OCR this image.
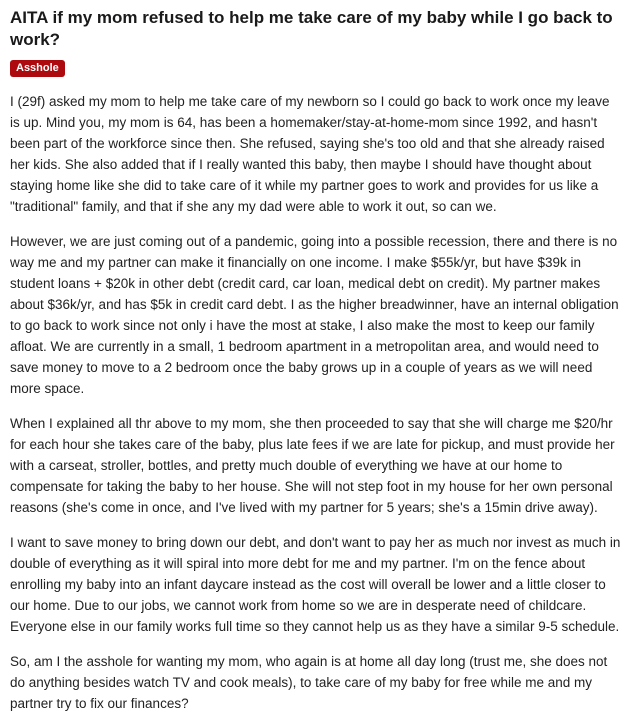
AITA if my mom refused to help me take care of my baby while I go back to work?
Asshole

I (29f) asked my mom to help me take care of my newborn so I could go back to work once my leave is up. Mind you, my mom is 64, has been a homemaker/stay-at-home-mom since 1992, and hasn't been part of the workforce since then. She refused, saying she's too old and that she already raised her kids. She also added that if I really wanted this baby, then maybe I should have thought about staying home like she did to take care of it while my partner goes to work and provides for us like a "traditional" family, and that if she any my dad were able to work it out, so can we.

However, we are just coming out of a pandemic, going into a possible recession, there and there is no way me and my partner can make it financially on one income. I make $55k/yr, but have $39k in student loans + $20k in other debt (credit card, car loan, medical debt on credit). My partner makes about $36k/yr, and has $5k in credit card debt. I as the higher breadwinner, have an internal obligation to go back to work since not only i have the most at stake, I also make the most to keep our family afloat. We are currently in a small, 1 bedroom apartment in a metropolitan area, and would need to save money to move to a 2 bedroom once the baby grows up in a couple of years as we will need more space.

When I explained all thr above to my mom, she then proceeded to say that she will charge me $20/hr for each hour she takes care of the baby, plus late fees if we are late for pickup, and must provide her with a carseat, stroller, bottles, and pretty much double of everything we have at our home to compensate for taking the baby to her house. She will not step foot in my house for her own personal reasons (she's come in once, and I've lived with my partner for 5 years; she's a 15min drive away).

I want to save money to bring down our debt, and don't want to pay her as much nor invest as much in double of everything as it will spiral into more debt for me and my partner. I'm on the fence about enrolling my baby into an infant daycare instead as the cost will overall be lower and a little closer to our home. Due to our jobs, we cannot work from home so we are in desperate need of childcare. Everyone else in our family works full time so they cannot help us as they have a similar 9-5 schedule.

So, am I the asshole for wanting my mom, who again is at home all day long (trust me, she does not do anything besides watch TV and cook meals), to take care of my baby for free while me and my partner try to fix our finances?
